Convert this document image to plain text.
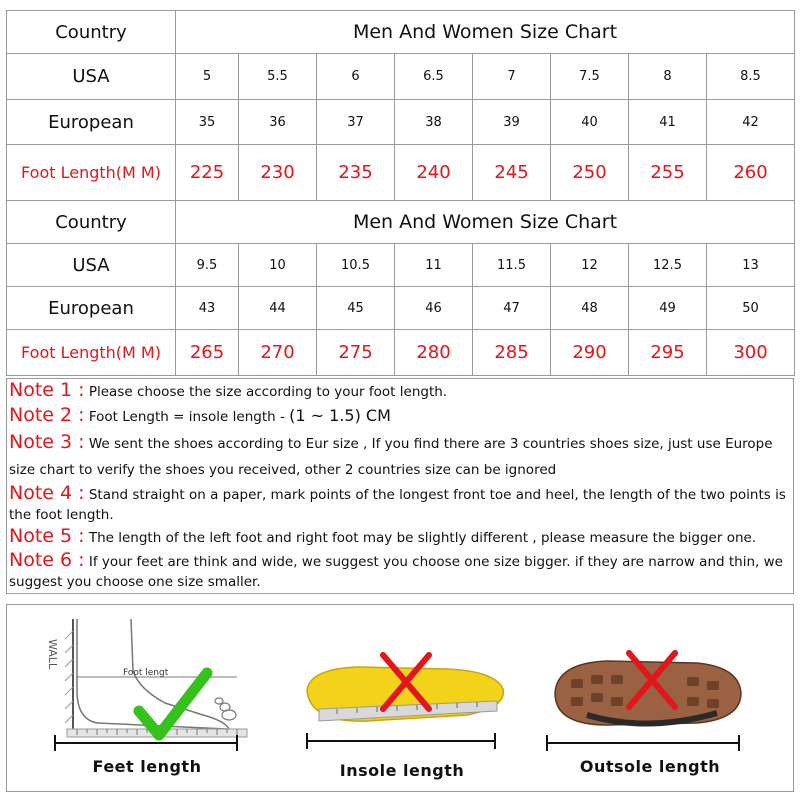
Country	Men And Women Size Chart							
USA	5	5.5	6	6.5	7	7.5	8	8.5
European	35	36	37	38	39	40	41	42
Foot Length(M M)	225	230	235	240	245	250	255	260
Country	Men And Women Size Chart							
USA	9.5	10	10.5	11	11.5	12	12.5	13
European	43	44	45	46	47	48	49	50
Foot Length(M M)	265	270	275	280	285	290	295	300
Note 1 : Please choose the size according to your foot length.
Note 2 : Foot Length = insole length - (1 ~ 1.5) CM
Note 3 : We sent the shoes according to Eur size , If you find there are 3 countries shoes size, just use Europe size chart to verify the shoes you received, other 2 countries size can be ignored
Note 4 : Stand straight on a paper, mark points of the longest front toe and heel, the length of the two points is the foot length.
Note 5 : The length of the left foot and right foot may be slightly different , please measure the bigger one.
Note 6 : If your feet are think and wide, we suggest you choose one size bigger. if they are narrow and thin, we suggest you choose one size smaller.
WALL
Foot lengt
Feet length	Insole length	Outsole length
